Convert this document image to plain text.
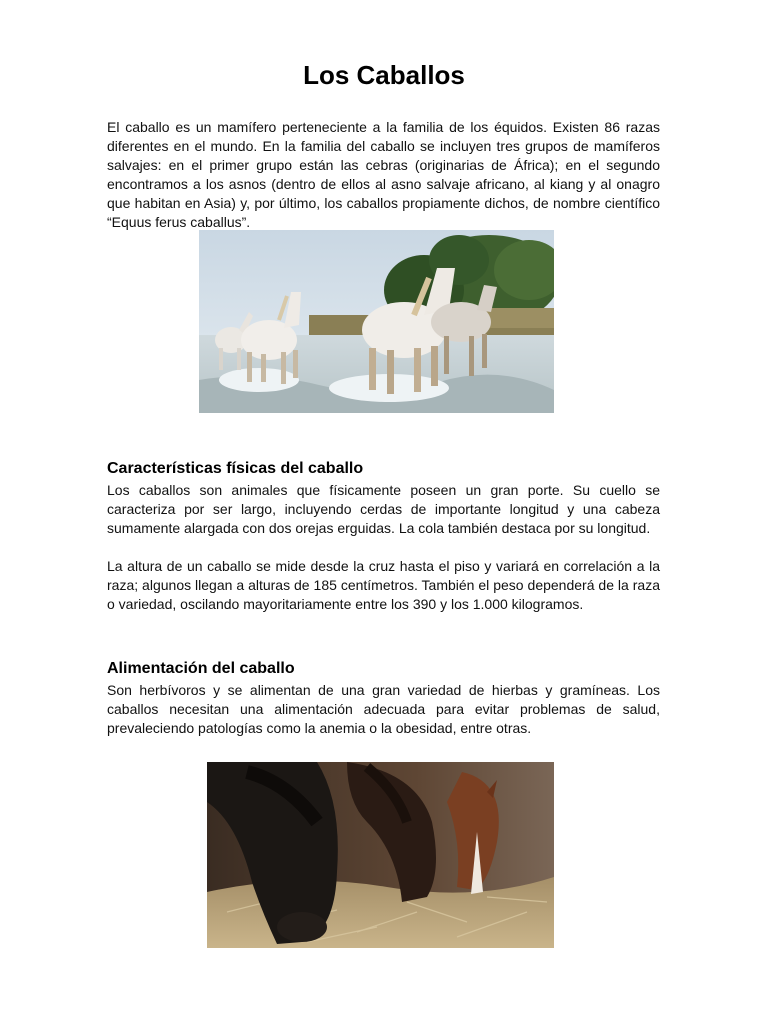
Los Caballos

El caballo es un mamífero perteneciente a la familia de los équidos. Existen 86 razas diferentes en el mundo. En la familia del caballo se incluyen tres grupos de mamíferos salvajes: en el primer grupo están las cebras (originarias de África); en el segundo encontramos a los asnos (dentro de ellos al asno salvaje africano, al kiang y al onagro que habitan en Asia) y, por último, los caballos propiamente dichos, de nombre científico “Equus ferus caballus”.

Características físicas del caballo

Los caballos son animales que físicamente poseen un gran porte. Su cuello se caracteriza por ser largo, incluyendo cerdas de importante longitud y una cabeza sumamente alargada con dos orejas erguidas. La cola también destaca por su longitud.

La altura de un caballo se mide desde la cruz hasta el piso y variará en correlación a la raza; algunos llegan a alturas de 185 centímetros. También el peso dependerá de la raza o variedad, oscilando mayoritariamente entre los 390 y los 1.000 kilogramos.

Alimentación del caballo

Son herbívoros y se alimentan de una gran variedad de hierbas y gramíneas. Los caballos necesitan una alimentación adecuada para evitar problemas de salud, prevaleciendo patologías como la anemia o la obesidad, entre otras.
